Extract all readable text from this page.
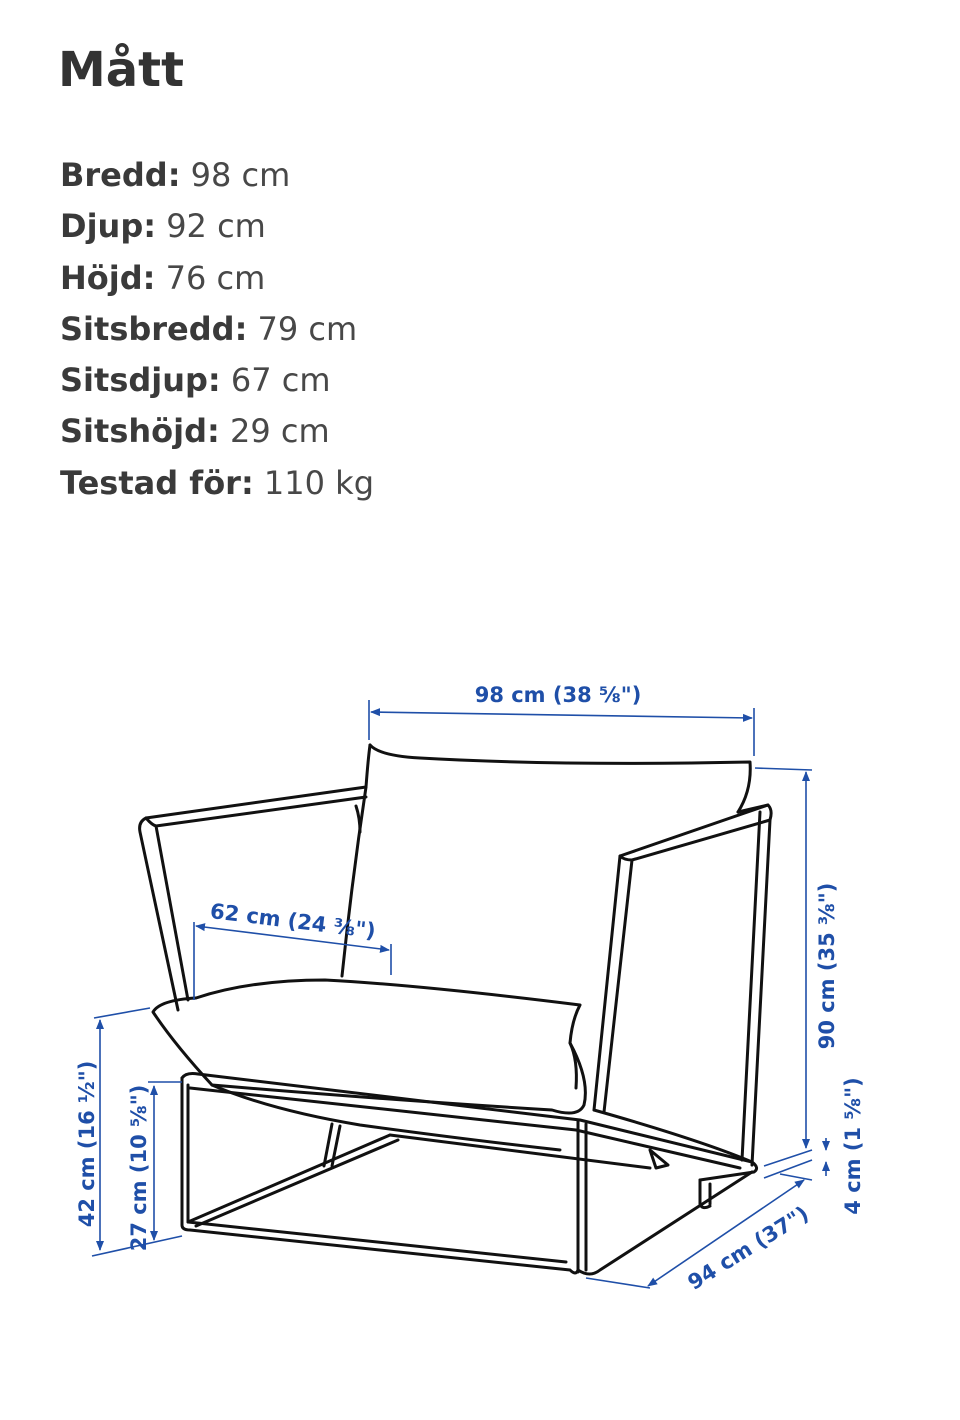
Mått
Bredd: 98 cm
Djup: 92 cm
Höjd: 76 cm
Sitsbredd: 79 cm
Sitsdjup: 67 cm
Sitshöjd: 29 cm
Testad för: 110 kg
98 cm (38 ⅝")
62 cm (24 ⅜")	90 cm (35 ⅜")
4 cm (1 ⅝")
94 cm (37")
42 cm (16 ½") 27 cm (10 ⅝")
